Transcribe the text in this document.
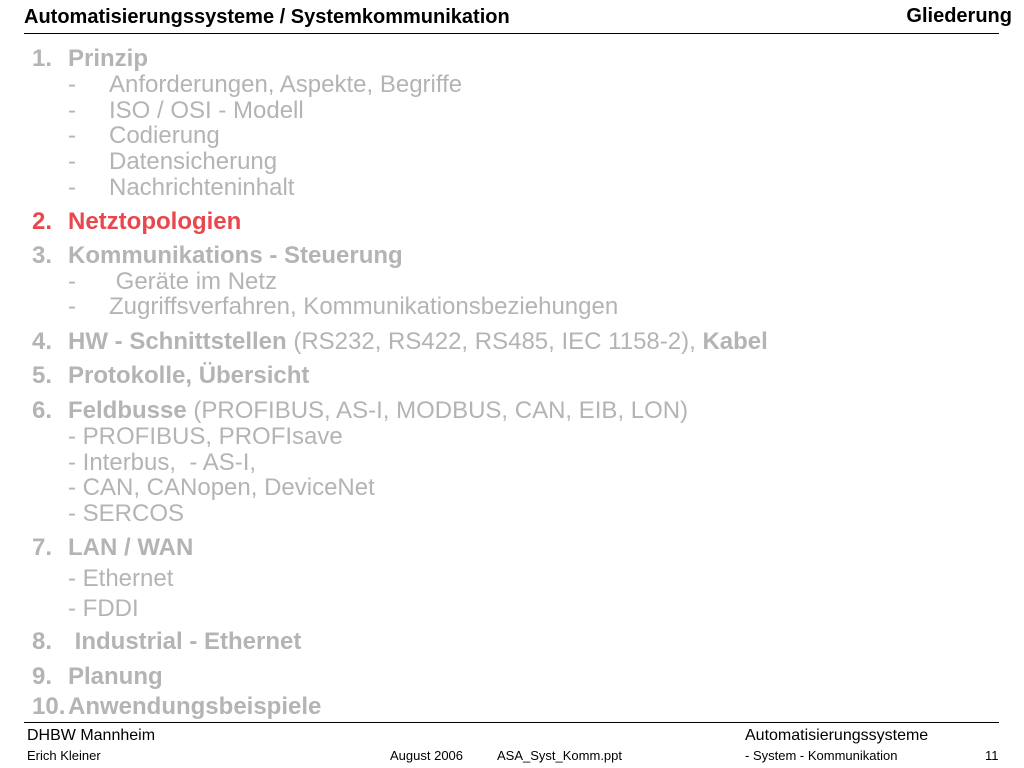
Automatisierungssysteme / Systemkommunikation	Gliederung
1. Prinzip
- Anforderungen, Aspekte, Begriffe
- ISO / OSI - Modell
- Codierung
- Datensicherung
- Nachrichteninhalt
2. Netztopologien
3. Kommunikations - Steuerung
- Geräte im Netz
- Zugriffsverfahren, Kommunikationsbeziehungen
4. HW - Schnittstellen (RS232, RS422, RS485, IEC 1158-2), Kabel
5. Protokolle, Übersicht
6. Feldbusse (PROFIBUS, AS-I, MODBUS, CAN, EIB, LON)
- PROFIBUS, PROFIsave
- Interbus,  - AS-I,
- CAN, CANopen, DeviceNet
- SERCOS
7. LAN / WAN
- Ethernet
- FDDI
8. Industrial - Ethernet
9. Planung
10. Anwendungsbeispiele
DHBW Mannheim
Erich Kleiner	August 2006	ASA_Syst_Komm.ppt
Automatisierungssysteme
- System - Kommunikation	11
